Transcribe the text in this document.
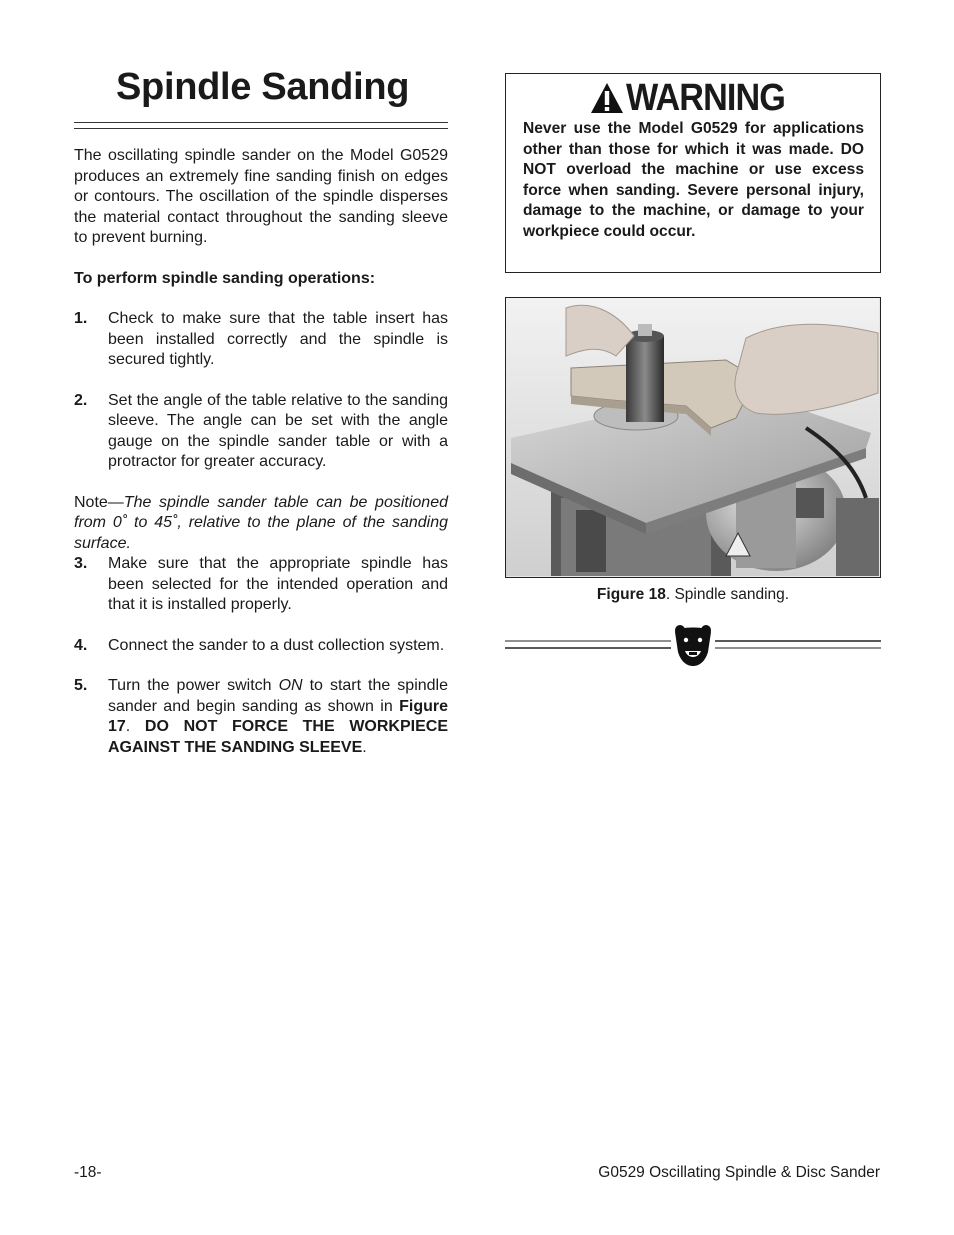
Spindle Sanding

The oscillating spindle sander on the Model G0529 produces an extremely fine sanding finish on edges or contours. The oscillation of the spindle disperses the material contact throughout the sanding sleeve to prevent burning.

To perform spindle sanding operations:

1.	Check to make sure that the table insert has been installed correctly and the spindle is secured tightly.
2.	Set the angle of the table relative to the sanding sleeve. The angle can be set with the angle gauge on the spindle sander table or with a protractor for greater accuracy.

Note—The spindle sander table can be positioned from 0˚ to 45˚, relative to the plane of the sanding surface.

3.	Make sure that the appropriate spindle has been selected for the intended operation and that it is installed properly.
4.	Connect the sander to a dust collection system.
5.	Turn the power switch ON to start the spindle sander and begin sanding as shown in Figure 17. DO NOT FORCE THE WORKPIECE AGAINST THE SANDING SLEEVE.
WARNING

Never use the Model G0529 for applications other than those for which it was made. DO NOT overload the machine or use excess force when sanding. Severe personal injury, damage to the machine, or damage to your workpiece could occur.

Figure 18. Spindle sanding.
-18-	G0529 Oscillating Spindle & Disc Sander
